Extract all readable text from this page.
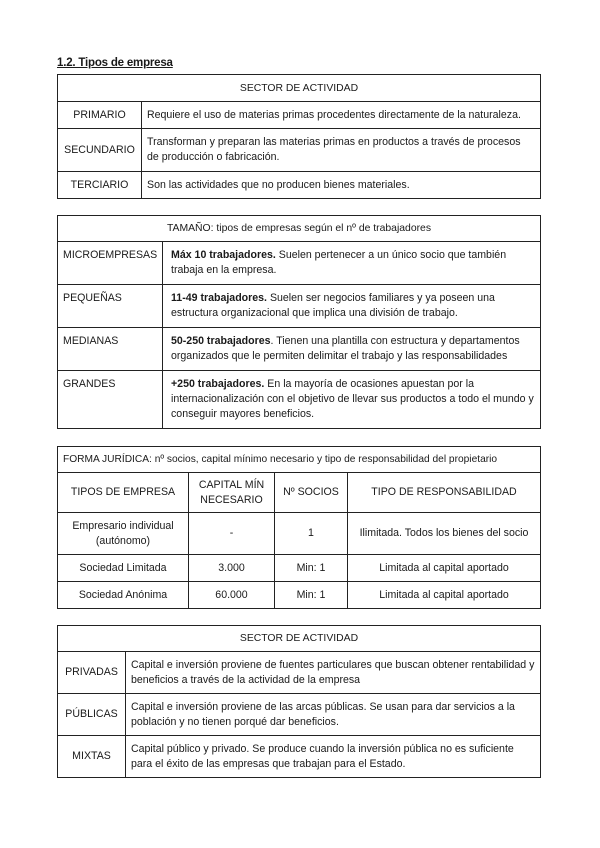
1.2. Tipos de empresa
SECTOR DE ACTIVIDAD	
PRIMARIO	Requiere el uso de materias primas procedentes directamente de la naturaleza.
SECUNDARIO	Transforman y preparan las materias primas en productos a través de procesos de producción o fabricación.
TERCIARIO	Son las actividades que no producen bienes materiales.
TAMAÑO: tipos de empresas según el nº de trabajadores	
MICROEMPRESAS	Máx 10 trabajadores. Suelen pertenecer a un único socio que también trabaja en la empresa.
PEQUEÑAS	11-49 trabajadores. Suelen ser negocios familiares y ya poseen una estructura organizacional que implica una división de trabajo.
MEDIANAS	50-250 trabajadores. Tienen una plantilla con estructura y departamentos organizados que le permiten delimitar el trabajo y las responsabilidades
GRANDES	+250 trabajadores. En la mayoría de ocasiones apuestan por la internacionalización con el objetivo de llevar sus productos a todo el mundo y conseguir mayores beneficios.
FORMA JURÍDICA: nº socios, capital mínimo necesario y tipo de responsabilidad del propietario			
TIPOS DE EMPRESA	CAPITAL MÍN NECESARIO	Nº SOCIOS	TIPO DE RESPONSABILIDAD
Empresario individual (autónomo)	-	1	Ilimitada. Todos los bienes del socio
Sociedad Limitada	3.000	Min: 1	Limitada al capital aportado
Sociedad Anónima	60.000	Min: 1	Limitada al capital aportado
SECTOR DE ACTIVIDAD	
PRIVADAS	Capital e inversión proviene de fuentes particulares que buscan obtener rentabilidad y beneficios a través de la actividad de la empresa
PÚBLICAS	Capital e inversión proviene de las arcas públicas. Se usan para dar servicios a la población y no tienen porqué dar beneficios.
MIXTAS	Capital público y privado. Se produce cuando la inversión pública no es suficiente para el éxito de las empresas que trabajan para el Estado.
